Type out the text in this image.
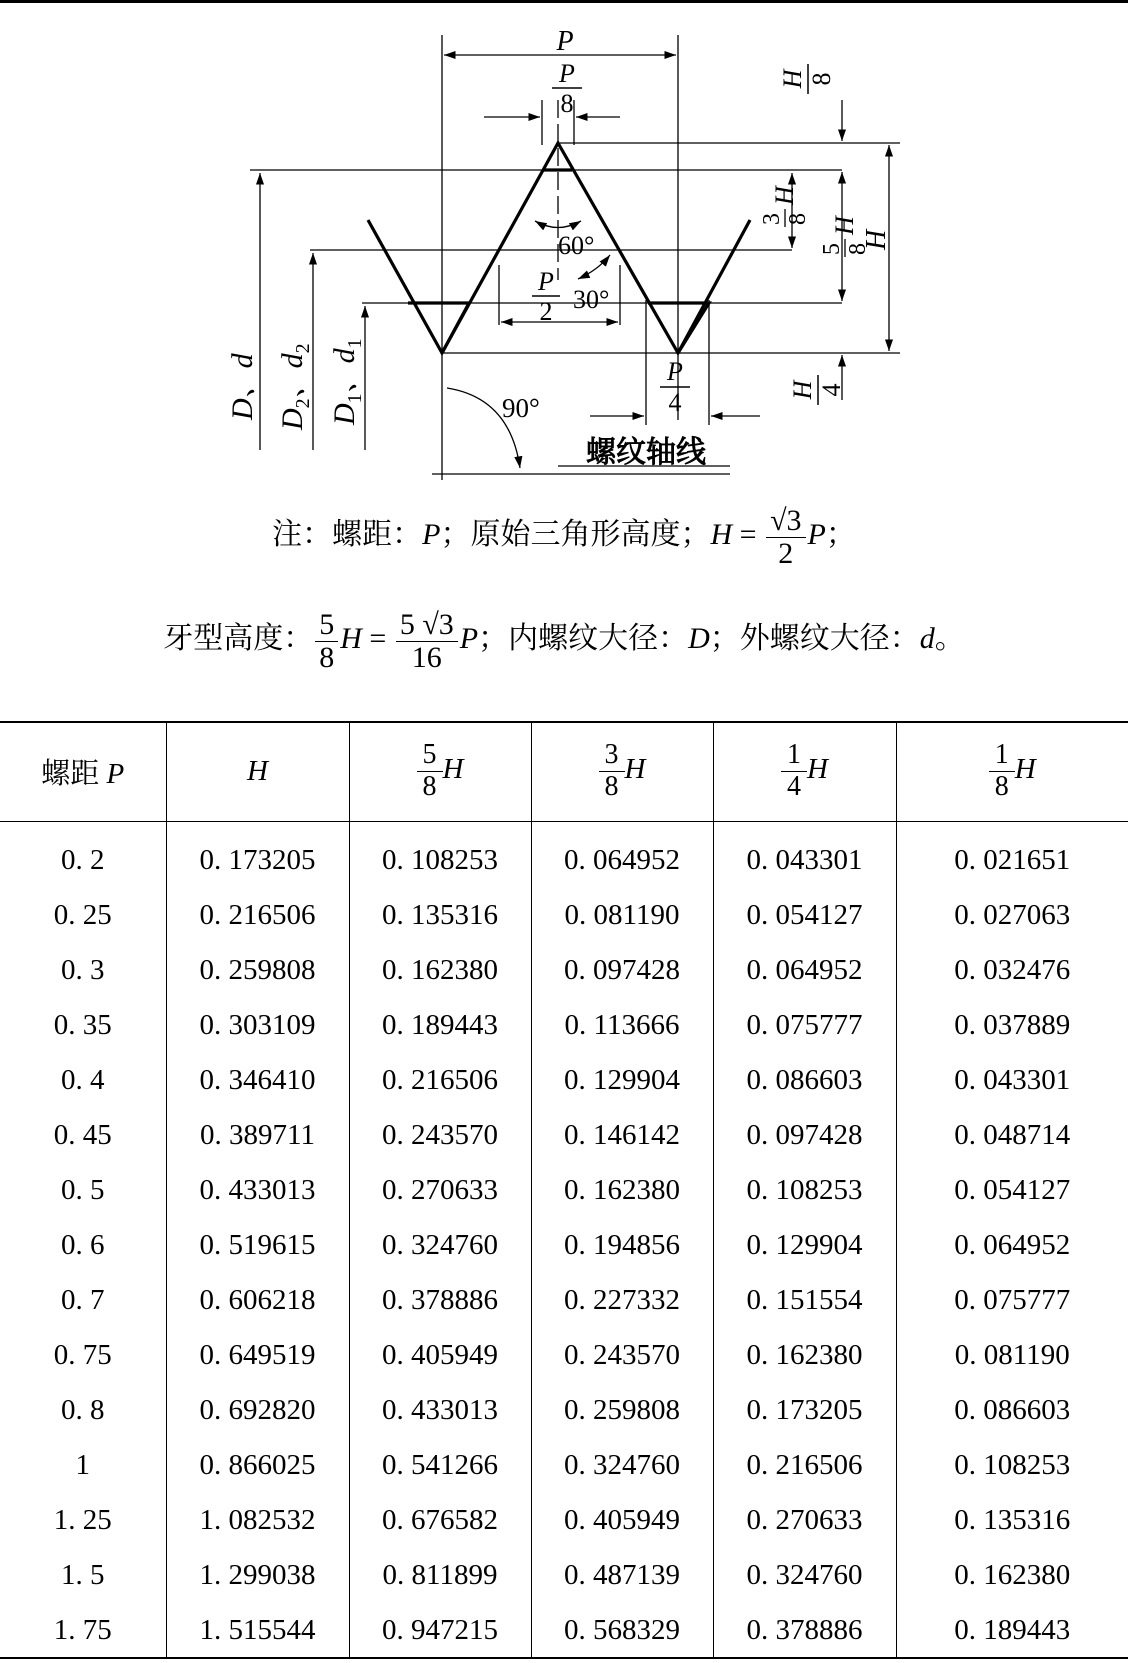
P
P
8
H 8
3 8
H
5 8
H
H
60°
P
2 30°
P
4	H 4
90°
D、d $D_2$、$d_2$
$D_1$、$d_1$
螺纹轴线
注：螺距：P；原始三角形高度；$H = \frac{√3}{2}$ P；
牙型高度： $\frac{5}{8}$ $H = \frac{5 √3}{16}$ P；内螺纹大径：D；外螺纹大径：d。
螺距 P	H	$\frac{5}{8}$ H	$\frac{3}{8}$ H	$\frac{1}{4}$ H	$\frac{1}{8}$ H
0. 2	0. 173205	0. 108253	0. 064952	0. 043301	0. 021651
0. 25	0. 216506	0. 135316	0. 081190	0. 054127	0. 027063
0. 3	0. 259808	0. 162380	0. 097428	0. 064952	0. 032476
0. 35	0. 303109	0. 189443	0. 113666	0. 075777	0. 037889
0. 4	0. 346410	0. 216506	0. 129904	0. 086603	0. 043301
0. 45	0. 389711	0. 243570	0. 146142	0. 097428	0. 048714
0. 5	0. 433013	0. 270633	0. 162380	0. 108253	0. 054127
0. 6	0. 519615	0. 324760	0. 194856	0. 129904	0. 064952
0. 7	0. 606218	0. 378886	0. 227332	0. 151554	0. 075777
0. 75	0. 649519	0. 405949	0. 243570	0. 162380	0. 081190
0. 8	0. 692820	0. 433013	0. 259808	0. 173205	0. 086603
1	0. 866025	0. 541266	0. 324760	0. 216506	0. 108253
1. 25	1. 082532	0. 676582	0. 405949	0. 270633	0. 135316
1. 5	1. 299038	0. 811899	0. 487139	0. 324760	0. 162380
1. 75	1. 515544	0. 947215	0. 568329	0. 378886	0. 189443
